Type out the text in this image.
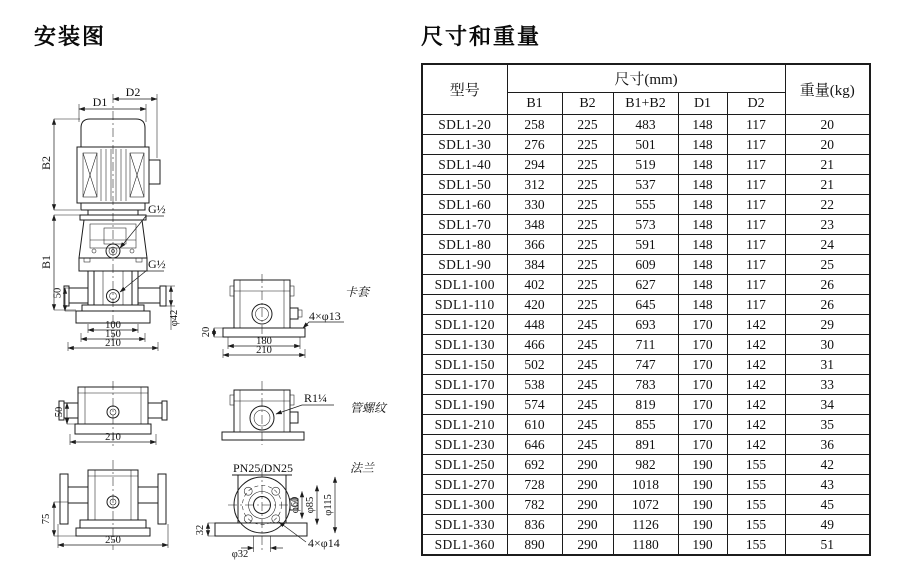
安装图
D2
D1
B2
G½
B1	G½
50
φ42
100
150
210
20
180
210
4×φ13
卡套
50
210
R1¼
管螺纹
75
250
PN25/DN25
32
φ60 φ85 φ115
φ32
4×φ14
法兰
尺寸和重量
型号	尺寸(mm)					重量(kg)
	B1	B2	B1+B2	D1	D2	
SDL1-20	258	225	483	148	117	20
SDL1-30	276	225	501	148	117	20
SDL1-40	294	225	519	148	117	21
SDL1-50	312	225	537	148	117	21
SDL1-60	330	225	555	148	117	22
SDL1-70	348	225	573	148	117	23
SDL1-80	366	225	591	148	117	24
SDL1-90	384	225	609	148	117	25
SDL1-100	402	225	627	148	117	26
SDL1-110	420	225	645	148	117	26
SDL1-120	448	245	693	170	142	29
SDL1-130	466	245	711	170	142	30
SDL1-150	502	245	747	170	142	31
SDL1-170	538	245	783	170	142	33
SDL1-190	574	245	819	170	142	34
SDL1-210	610	245	855	170	142	35
SDL1-230	646	245	891	170	142	36
SDL1-250	692	290	982	190	155	42
SDL1-270	728	290	1018	190	155	43
SDL1-300	782	290	1072	190	155	45
SDL1-330	836	290	1126	190	155	49
SDL1-360	890	290	1180	190	155	51
